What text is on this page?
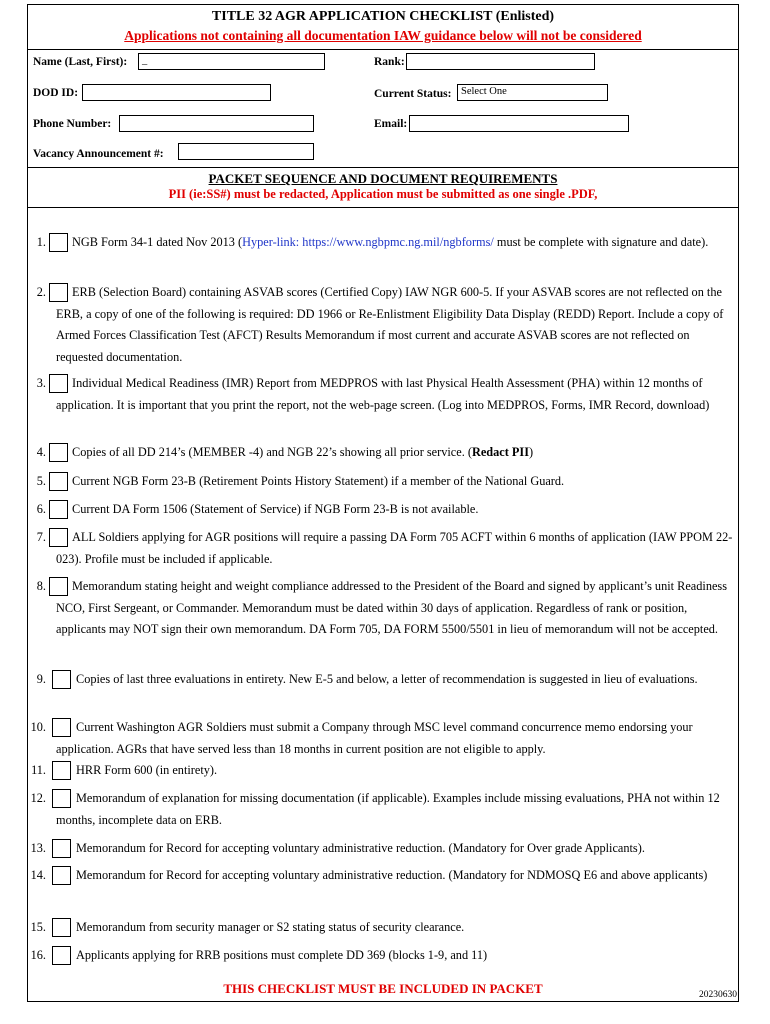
TITLE 32 AGR APPLICATION CHECKLIST (Enlisted)
Applications not containing all documentation IAW guidance below will not be considered
Name (Last, First):	_	Rank:
DOD ID:	Current Status: Select One
Phone Number:	Email:
Vacancy Announcement #:
PACKET SEQUENCE AND DOCUMENT REQUIREMENTS
PII (ie:SS#) must be redacted, Application must be submitted as one single .PDF,
1.	NGB Form 34-1 dated Nov 2013 (Hyper-link: https://www.ngbpmc.ng.mil/ngbforms/ must be complete with signature and date).
2.	ERB (Selection Board) containing ASVAB scores (Certified Copy) IAW NGR 600-5. If your ASVAB scores are not reflected on the ERB, a copy of one of the following is required: DD 1966 or Re-Enlistment Eligibility Data Display (REDD) Report. Include a copy of Armed Forces Classification Test (AFCT) Results Memorandum if most current and accurate ASVAB scores are not reflected on requested documentation.
3.	Individual Medical Readiness (IMR) Report from MEDPROS with last Physical Health Assessment (PHA) within 12 months of application. It is important that you print the report, not the web-page screen. (Log into MEDPROS, Forms, IMR Record, download)
4.	Copies of all DD 214’s (MEMBER -4) and NGB 22’s showing all prior service. (Redact PII)
5.	Current NGB Form 23-B (Retirement Points History Statement) if a member of the National Guard.
6.	Current DA Form 1506 (Statement of Service) if NGB Form 23-B is not available.
7.	ALL Soldiers applying for AGR positions will require a passing DA Form 705 ACFT within 6 months of application (IAW PPOM 22-023). Profile must be included if applicable.
8.	Memorandum stating height and weight compliance addressed to the President of the Board and signed by applicant’s unit Readiness NCO, First Sergeant, or Commander. Memorandum must be dated within 30 days of application. Regardless of rank or position, applicants may NOT sign their own memorandum. DA Form 705, DA FORM 5500/5501 in lieu of memorandum will not be accepted.
9.	Copies of last three evaluations in entirety. New E-5 and below, a letter of recommendation is suggested in lieu of evaluations.
10.	Current Washington AGR Soldiers must submit a Company through MSC level command concurrence memo endorsing your application. AGRs that have served less than 18 months in current position are not eligible to apply.
11.	HRR Form 600 (in entirety).
12.	Memorandum of explanation for missing documentation (if applicable). Examples include missing evaluations, PHA not within 12 months, incomplete data on ERB.
13.	Memorandum for Record for accepting voluntary administrative reduction. (Mandatory for Over grade Applicants).
14.	Memorandum for Record for accepting voluntary administrative reduction. (Mandatory for NDMOSQ E6 and above applicants)
15.	Memorandum from security manager or S2 stating status of security clearance.
16.	Applicants applying for RRB positions must complete DD 369 (blocks 1-9, and 11)
THIS CHECKLIST MUST BE INCLUDED IN PACKET	20230630
